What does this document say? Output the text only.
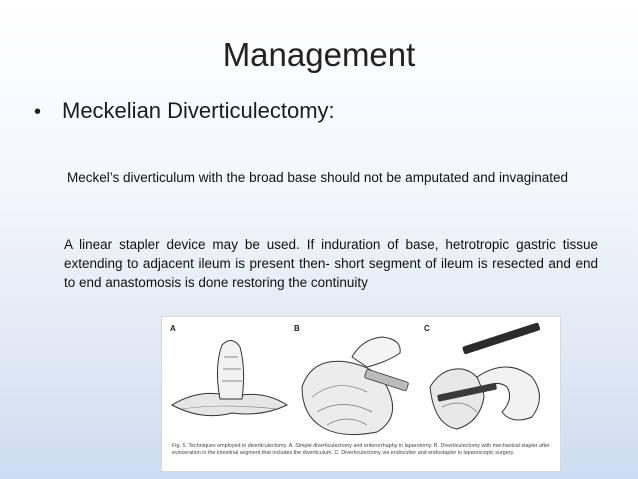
Management
• Meckelian Diverticulectomy:
Meckel’s diverticulum with the broad base should not be amputated and invaginated
A linear stapler device may be used. If induration of base, hetrotropic gastric tissue extending to adjacent ileum is present then- short segment of ileum is resected and end to end anastomosis is done restoring the continuity
A	B	C
Fig. 5. Techniques employed in diverticulectomy. A. Simple diverticulectomy and enterorrhaphy in laparotomy. B. Diverticulectomy with mechanical stapler after evisceration in the intestinal segment that includes the diverticulum. C. Diverticulectomy via endocutter and endostapler in laparoscopic surgery.
